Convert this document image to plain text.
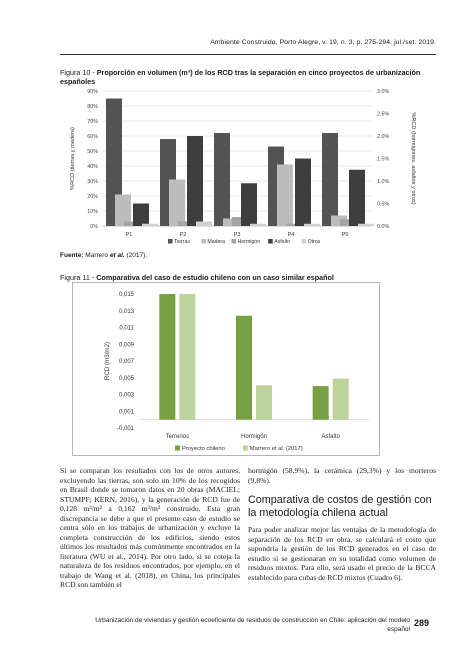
Ambiente Construido, Porto Alegre, v. 19, n. 3, p. 275-294, jul./set. 2019.
Figura 10 - Proporción en volumen (m³) de los RCD tras la separación en cinco proyectos de urbanización españoles
0%
10%
20%
30%
40%
50%
60%
70%
80%
90%
0.0%
0.5%
1.0%
1.5%
2.0%
2.5%
3.0%
P1	P2	P3	P4	P5
Tierras	Madera Hormigón	Asfalto	Otros
%RCD (tierras y madera)	%RCD (hormigones, asfaltos y otros)
Fuente: Marrero et al. (2017).
Figura 11 - Comparativa del caso de estudio chileno con un caso similar español
-0,001
0,001
0,003
0,005
0,007
0,009
0,011
0,013
0,015
Terrenos	Hormigón	Asfalto
Proyecto chileno	Marrero et al. (2017)
RCD (m3/m2)

Si se comparan los resultados con los de otros autores, excluyendo las tierras, son solo un 10% de los recogidos en Brasil donde se tomaron datos en 20 obras (MACIEL; STUMPF; KERN, 2016), y la generación de RCD fue de 0,128 m³/m² a 0,162 m³/m² construido. Esta gran discrepancia se debe a que el presente caso de estudio se centra sólo en los trabajos de urbanización y excluye la completa construcción de los edificios, siendo estos últimos los resultados más comúnmente encontrados en la literatura (WU et al., 2014). Por otro lado, si se coteja la naturaleza de los residuos encontrados, por ejemplo, en el trabajo de Wang et al. (2018), en China, los principales RCD son también el

hormigón (58,9%), la cerámica (29,3%) y los morteros (9,8%).

Comparativa de costos de gestión con la metodología chilena actual

Para poder analizar mejor las ventajas de la metodología de separación de los RCD en obra, se calculará el costo que supondría la gestión de los RCD generados en el caso de estudio si se gestionaran en su totalidad como volumen de residuos mixtos. Para ello, será usado el precio de la BCCA establecido para cubas de RCD mixtos (Cuadro 6).

Urbanización de viviendas y gestión ecoeficiente de residuos de construcción en Chile: aplicación del modelo español
289
